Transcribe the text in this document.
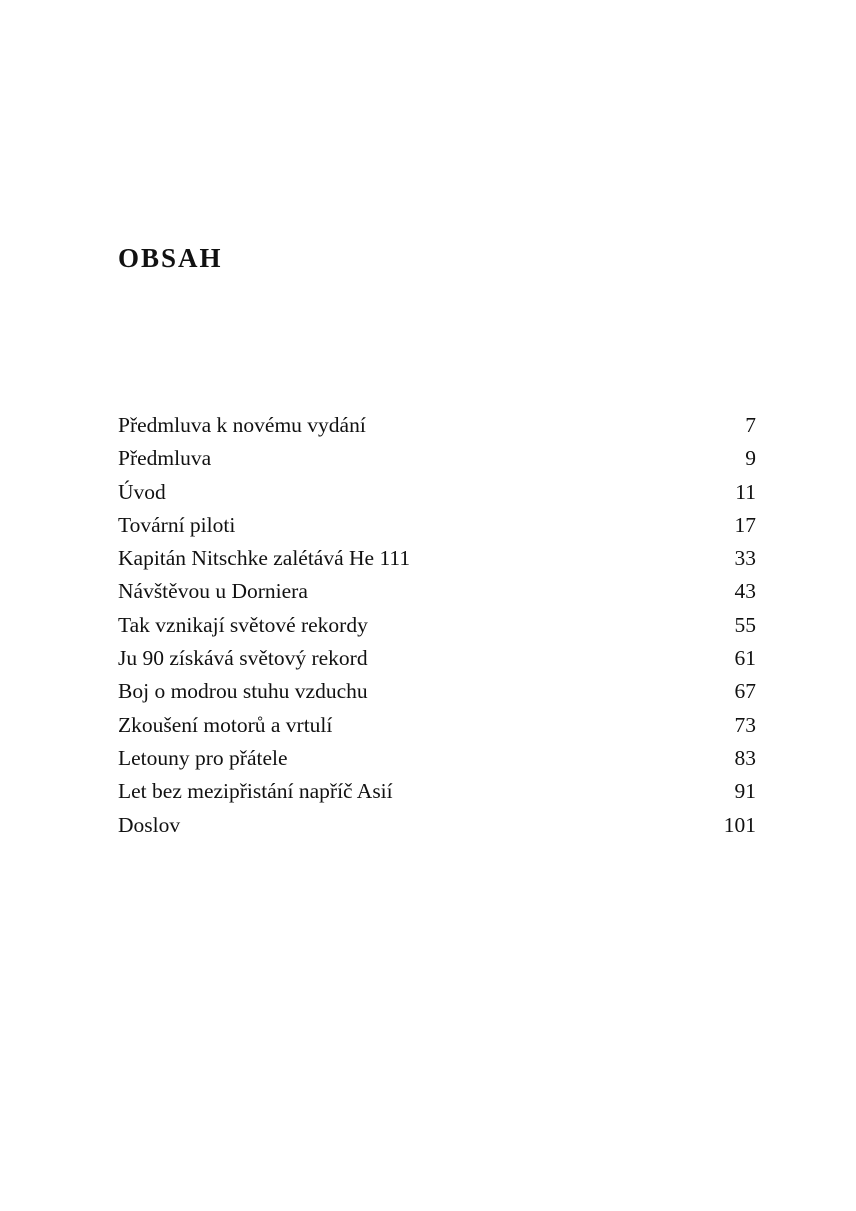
OBSAH
Předmluva k novému vydání	7
Předmluva	9
Úvod	11
Tovární piloti	17
Kapitán Nitschke zalétává He 111	33
Návštěvou u Dorniera	43
Tak vznikají světové rekordy	55
Ju 90 získává světový rekord	61
Boj o modrou stuhu vzduchu	67
Zkoušení motorů a vrtulí	73
Letouny pro přátele	83
Let bez mezipřistání napříč Asií	91
Doslov	101
